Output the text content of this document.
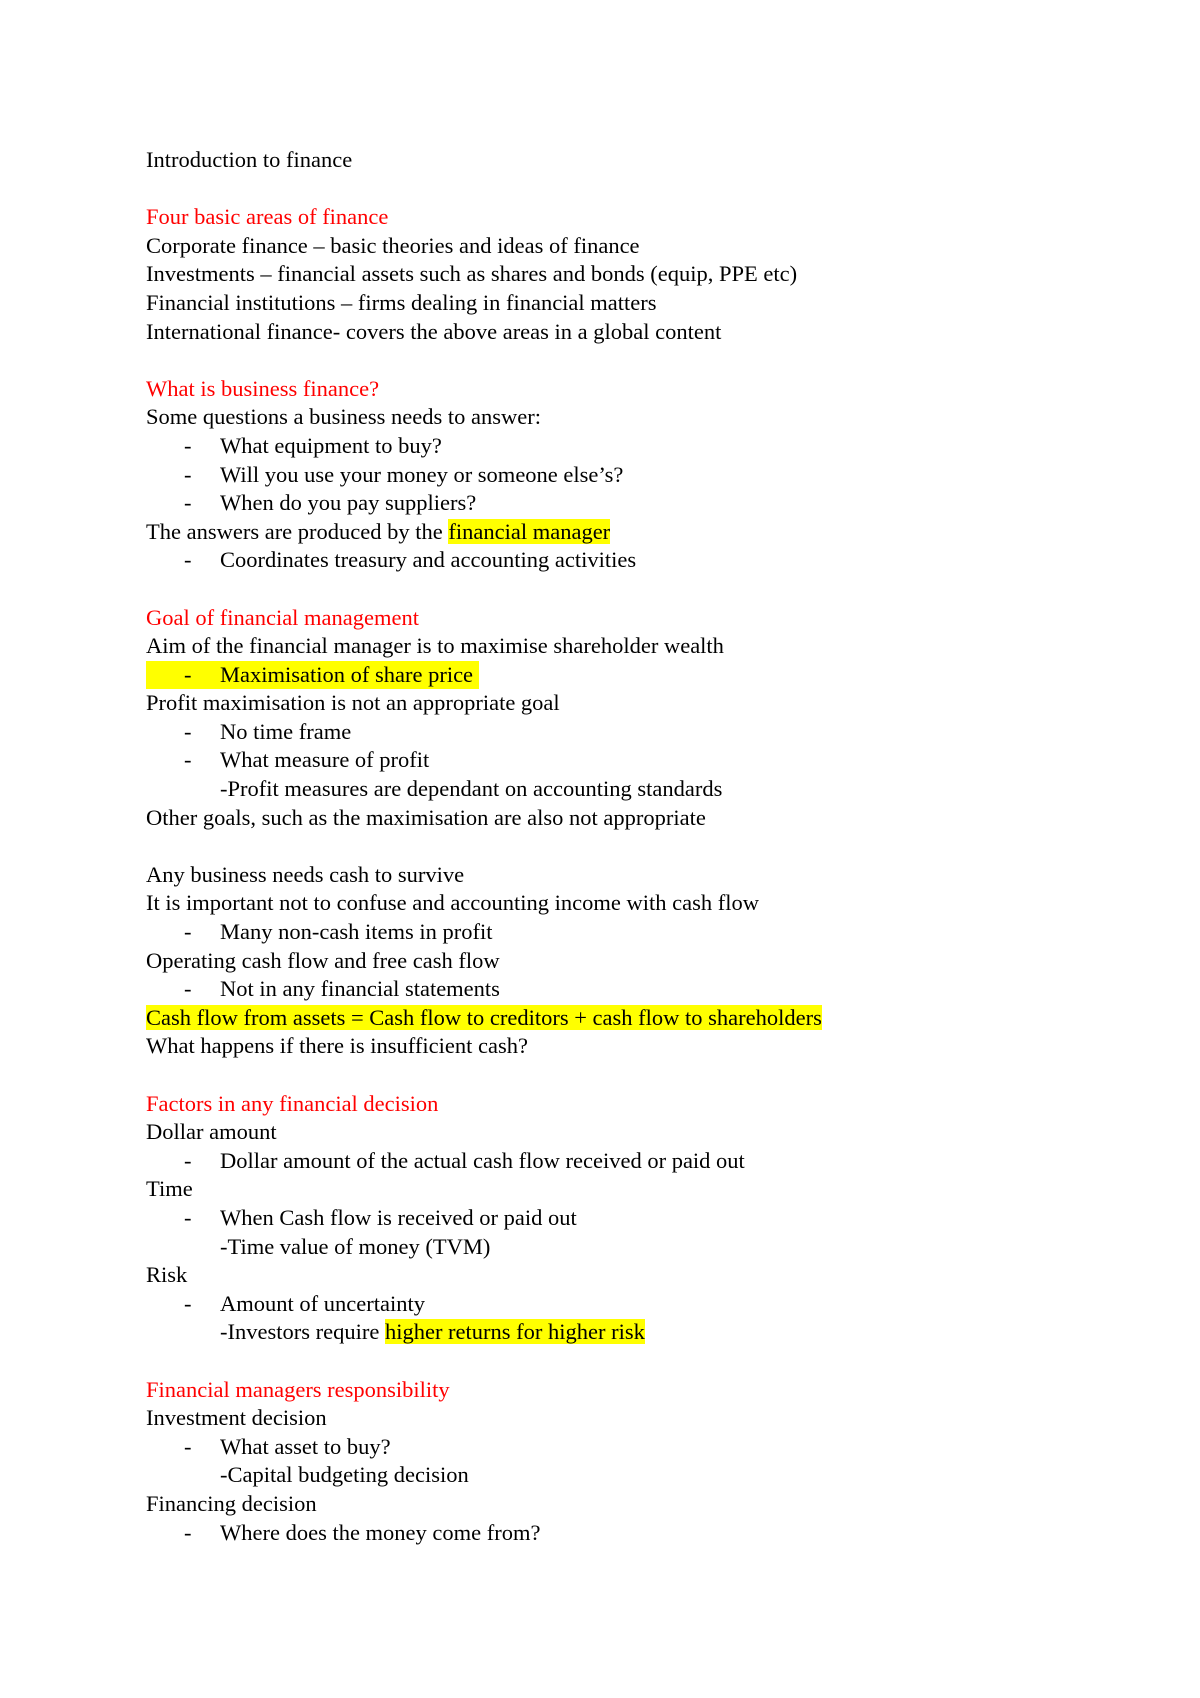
Introduction to finance
Four basic areas of finance
Corporate finance – basic theories and ideas of finance
Investments – financial assets such as shares and bonds (equip, PPE etc)
Financial institutions – firms dealing in financial matters
International finance- covers the above areas in a global content
What is business finance?
Some questions a business needs to answer:
- What equipment to buy?
- Will you use your money or someone else’s?
- When do you pay suppliers?
The answers are produced by the financial manager
- Coordinates treasury and accounting activities
Goal of financial management
Aim of the financial manager is to maximise shareholder wealth
- Maximisation of share price
Profit maximisation is not an appropriate goal
- No time frame
- What measure of profit
-Profit measures are dependant on accounting standards
Other goals, such as the maximisation are also not appropriate
Any business needs cash to survive
It is important not to confuse and accounting income with cash flow
- Many non-cash items in profit
Operating cash flow and free cash flow
- Not in any financial statements
Cash flow from assets = Cash flow to creditors + cash flow to shareholders
What happens if there is insufficient cash?
Factors in any financial decision
Dollar amount
- Dollar amount of the actual cash flow received or paid out
Time
- When Cash flow is received or paid out
-Time value of money (TVM)
Risk
- Amount of uncertainty
-Investors require higher returns for higher risk
Financial managers responsibility
Investment decision
- What asset to buy?
-Capital budgeting decision
Financing decision
- Where does the money come from?
